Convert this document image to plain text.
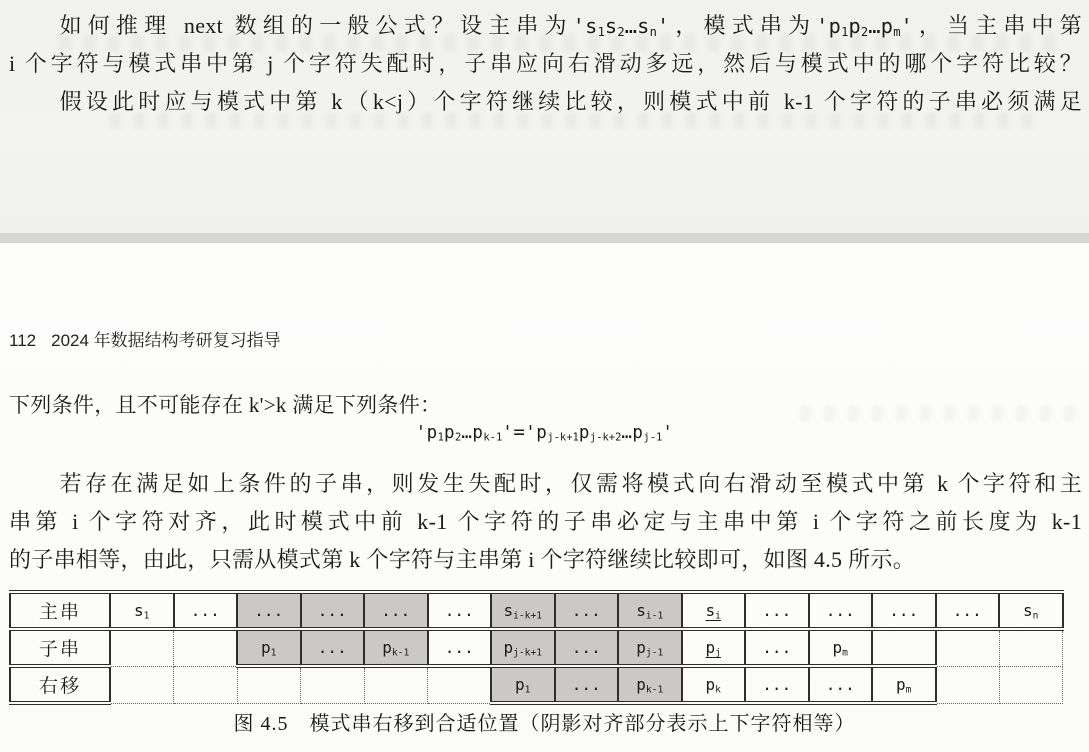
如何推理 next 数组的一般公式？设主串为'$s_1s_2\dots s_n$'，模式串为'$p_1p_2\dots p_m$'，当主串中第
i 个字符与模式串中第 j 个字符失配时，子串应向右滑动多远，然后与模式中的哪个字符比较？
假设此时应与模式中第 k（k<j）个字符继续比较，则模式中前 k-1 个字符的子串必须满足
112 2024 年数据结构考研复习指导
下列条件，且不可能存在 k'>k 满足下列条件：
'$p_1p_2\dots p_{k-1}'='p_{j-k+1}p_{j-k+2}\dots p_{j-1}$'
若存在满足如上条件的子串，则发生失配时，仅需将模式向右滑动至模式中第 k 个字符和主
串第 i 个字符对齐，此时模式中前 k-1 个字符的子串必定与主串中第 i 个字符之前长度为 k-1
的子串相等，由此，只需从模式第 k 个字符与主串第 i 个字符继续比较即可，如图 4.5 所示。
主串	$s_1$	...	...	...	...	...	$s_{i-k+1}$	...	$s_{i-1}$	$s_i$	...	...	...	...	$s_n$
子串			$p_1$	...	$p_{k-1}$	...	$p_{j-k+1}$	...	$p_{j-1}$	$p_j$	...	$p_m$			
右移							$p_1$	...	$p_{k-1}$	$p_k$	...	...	$p_m$		
图 4.5　模式串右移到合适位置（阴影对齐部分表示上下字符相等）
